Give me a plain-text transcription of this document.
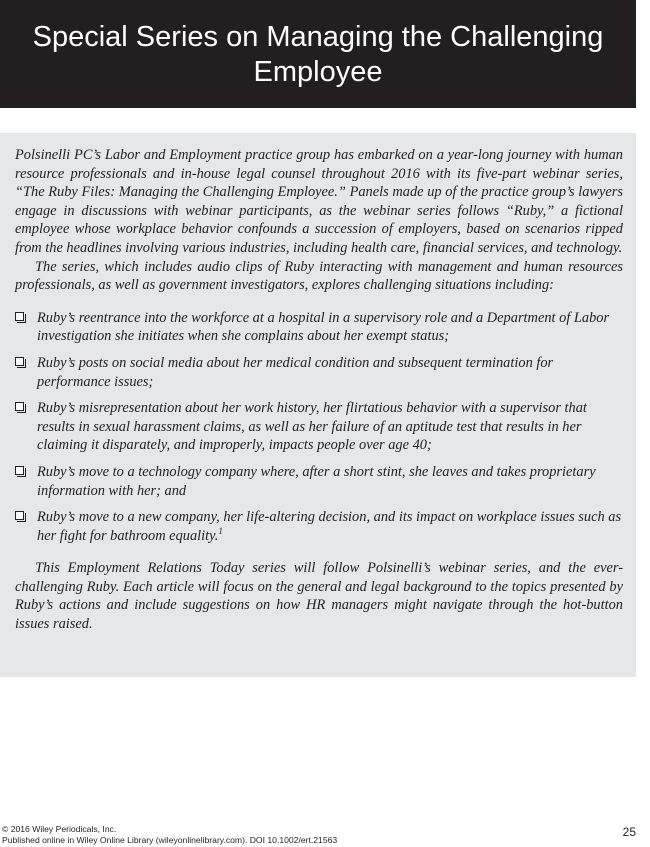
Special Series on Managing the Challenging
Employee

Polsinelli PC’s Labor and Employment practice group has embarked on a year-long journey with human resource professionals and in-house legal counsel throughout 2016 with its five-part webinar series, “The Ruby Files: Managing the Challenging Employee.” Panels made up of the practice group’s lawyers engage in discussions with webinar participants, as the webinar series follows “Ruby,” a fictional employee whose workplace behavior confounds a succession of employers, based on scenarios ripped from the headlines involving various industries, including health care, financial services, and technology.

The series, which includes audio clips of Ruby interacting with management and human resources professionals, as well as government investigators, explores challenging situations including:

Ruby’s reentrance into the workforce at a hospital in a supervisory role and a Department of Labor investigation she initiates when she complains about her exempt status;
Ruby’s posts on social media about her medical condition and subsequent termination for performance issues;
Ruby’s misrepresentation about her work history, her flirtatious behavior with a supervisor that results in sexual harassment claims, as well as her failure of an aptitude test that results in her claiming it disparately, and improperly, impacts people over age 40;
Ruby’s move to a technology company where, after a short stint, she leaves and takes proprietary information with her; and
Ruby’s move to a new company, her life-altering decision, and its impact on workplace issues such as her fight for bathroom equality.$^1$

This Employment Relations Today series will follow Polsinelli’s webinar series, and the ever-challenging Ruby. Each article will focus on the general and legal background to the topics presented by Ruby’s actions and include suggestions on how HR managers might navigate through the hot-button issues raised.

© 2016 Wiley Periodicals, Inc.
Published online in Wiley Online Library (wileyonlinelibrary.com). DOI 10.1002/ert.21563
25
